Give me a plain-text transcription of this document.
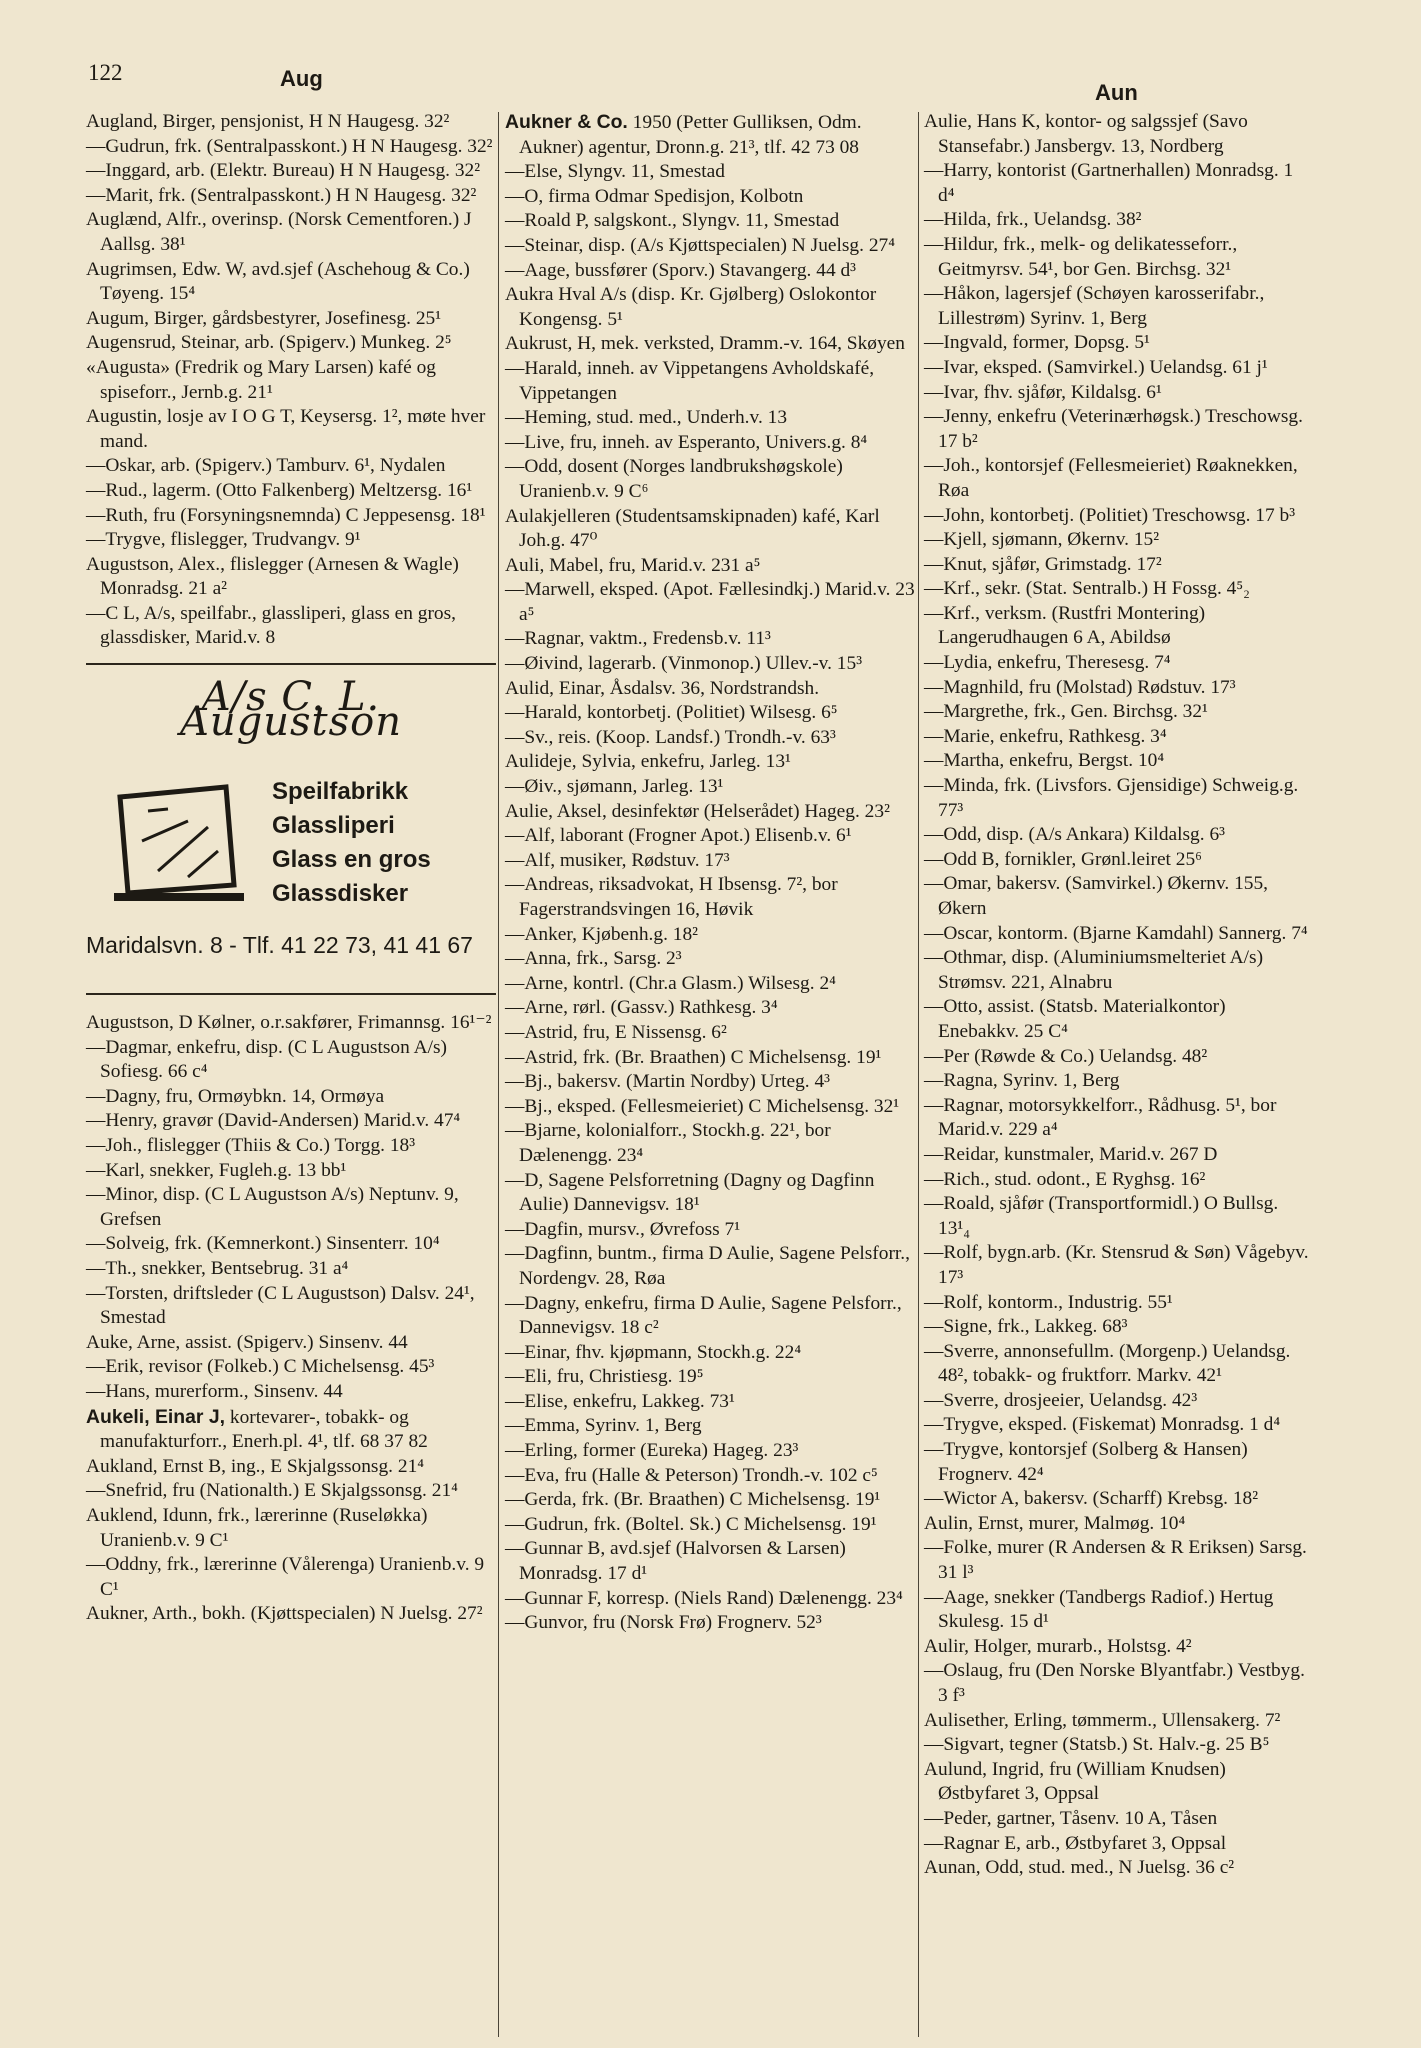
122	Aug
Aun
Augland, Birger, pensjonist, H N Haugesg. 32²
—Gudrun, frk. (Sentralpasskont.) H N Haugesg. 32²
—Inggard, arb. (Elektr. Bureau) H N Haugesg. 32²
—Marit, frk. (Sentralpasskont.) H N Haugesg. 32²
Auglænd, Alfr., overinsp. (Norsk Cementforen.) J Aallsg. 38¹
Augrimsen, Edw. W, avd.sjef (Aschehoug & Co.) Tøyeng. 15⁴
Augum, Birger, gårdsbestyrer, Josefinesg. 25¹
Augensrud, Steinar, arb. (Spigerv.) Munkeg. 2⁵
«Augusta» (Fredrik og Mary Larsen) kafé og spiseforr., Jernb.g. 21¹
Augustin, losje av I O G T, Keysersg. 1², møte hver mand.
—Oskar, arb. (Spigerv.) Tamburv. 6¹, Nydalen
—Rud., lagerm. (Otto Falkenberg) Meltzersg. 16¹
—Ruth, fru (Forsyningsnemnda) C Jeppesensg. 18¹
—Trygve, flislegger, Trudvangv. 9¹
Augustson, Alex., flislegger (Arnesen & Wagle) Monradsg. 21 a²
—C L, A/s, speilfabr., glassliperi, glass en gros, glassdisker, Marid.v. 8
A/s C. L. Augustson
Speilfabrikk
Glassliperi
Glass en gros
Glassdisker
Maridalsvn. 8 - Tlf. 41 22 73, 41 41 67
Augustson, D Kølner, o.r.sakfører, Frimannsg. 16¹⁻²
—Dagmar, enkefru, disp. (C L Augustson A/s) Sofiesg. 66 c⁴
—Dagny, fru, Ormøybkn. 14, Ormøya
—Henry, gravør (David-Andersen) Marid.v. 47⁴
—Joh., flislegger (Thiis & Co.) Torgg. 18³
—Karl, snekker, Fugleh.g. 13 bb¹
—Minor, disp. (C L Augustson A/s) Neptunv. 9, Grefsen
—Solveig, frk. (Kemnerkont.) Sinsenterr. 10⁴
—Th., snekker, Bentsebrug. 31 a⁴
—Torsten, driftsleder (C L Augustson) Dalsv. 24¹, Smestad
Auke, Arne, assist. (Spigerv.) Sinsenv. 44
—Erik, revisor (Folkeb.) C Michelsensg. 45³
—Hans, murerform., Sinsenv. 44
Aukeli, Einar J, kortevarer-, tobakk- og manufakturforr., Enerh.pl. 4¹, tlf. 68 37 82
Aukland, Ernst B, ing., E Skjalgssonsg. 21⁴
—Snefrid, fru (Nationalth.) E Skjalgssonsg. 21⁴
Auklend, Idunn, frk., lærerinne (Ruseløkka) Uranienb.v. 9 C¹
—Oddny, frk., lærerinne (Vålerenga) Uranienb.v. 9 C¹
Aukner, Arth., bokh. (Kjøttspecialen) N Juelsg. 27²
Aukner & Co. 1950 (Petter Gulliksen, Odm. Aukner) agentur, Dronn.g. 21³, tlf. 42 73 08
—Else, Slyngv. 11, Smestad
—O, firma Odmar Spedisjon, Kolbotn
—Roald P, salgskont., Slyngv. 11, Smestad
—Steinar, disp. (A/s Kjøttspecialen) N Juelsg. 27⁴
—Aage, bussfører (Sporv.) Stavangerg. 44 d³
Aukra Hval A/s (disp. Kr. Gjølberg) Oslokontor Kongensg. 5¹
Aukrust, H, mek. verksted, Dramm.-v. 164, Skøyen
—Harald, inneh. av Vippetangens Avholdskafé, Vippetangen
—Heming, stud. med., Underh.v. 13
—Live, fru, inneh. av Esperanto, Univers.g. 8⁴
—Odd, dosent (Norges landbrukshøgskole) Uranienb.v. 9 C⁶
Aulakjelleren (Studentsamskipnaden) kafé, Karl Joh.g. 47⁰
Auli, Mabel, fru, Marid.v. 231 a⁵
—Marwell, eksped. (Apot. Fællesindkj.) Marid.v. 23 a⁵
—Ragnar, vaktm., Fredensb.v. 11³
—Øivind, lagerarb. (Vinmonop.) Ullev.-v. 15³
Aulid, Einar, Åsdalsv. 36, Nordstrandsh.
—Harald, kontorbetj. (Politiet) Wilsesg. 6⁵
—Sv., reis. (Koop. Landsf.) Trondh.-v. 63³
Aulideje, Sylvia, enkefru, Jarleg. 13¹
—Øiv., sjømann, Jarleg. 13¹
Aulie, Aksel, desinfektør (Helserådet) Hageg. 23²
—Alf, laborant (Frogner Apot.) Elisenb.v. 6¹
—Alf, musiker, Rødstuv. 17³
—Andreas, riksadvokat, H Ibsensg. 7², bor Fagerstrandsvingen 16, Høvik
—Anker, Kjøbenh.g. 18²
—Anna, frk., Sarsg. 2³
—Arne, kontrl. (Chr.a Glasm.) Wilsesg. 2⁴
—Arne, rørl. (Gassv.) Rathkesg. 3⁴
—Astrid, fru, E Nissensg. 6²
—Astrid, frk. (Br. Braathen) C Michelsensg. 19¹
—Bj., bakersv. (Martin Nordby) Urteg. 4³
—Bj., eksped. (Fellesmeieriet) C Michelsensg. 32¹
—Bjarne, kolonialforr., Stockh.g. 22¹, bor Dælenengg. 23⁴
—D, Sagene Pelsforretning (Dagny og Dagfinn Aulie) Dannevigsv. 18¹
—Dagfin, mursv., Øvrefoss 7¹
—Dagfinn, buntm., firma D Aulie, Sagene Pelsforr., Nordengv. 28, Røa
—Dagny, enkefru, firma D Aulie, Sagene Pelsforr., Dannevigsv. 18 c²
—Einar, fhv. kjøpmann, Stockh.g. 22⁴
—Eli, fru, Christiesg. 19⁵
—Elise, enkefru, Lakkeg. 73¹
—Emma, Syrinv. 1, Berg
—Erling, former (Eureka) Hageg. 23³
—Eva, fru (Halle & Peterson) Trondh.-v. 102 c⁵
—Gerda, frk. (Br. Braathen) C Michelsensg. 19¹
—Gudrun, frk. (Boltel. Sk.) C Michelsensg. 19¹
—Gunnar B, avd.sjef (Halvorsen & Larsen) Monradsg. 17 d¹
—Gunnar F, korresp. (Niels Rand) Dælenengg. 23⁴
—Gunvor, fru (Norsk Frø) Frognerv. 52³
Aulie, Hans K, kontor- og salgssjef (Savo Stansefabr.) Jansbergv. 13, Nordberg
—Harry, kontorist (Gartnerhallen) Monradsg. 1 d⁴
—Hilda, frk., Uelandsg. 38²
—Hildur, frk., melk- og delikatesseforr., Geitmyrsv. 54¹, bor Gen. Birchsg. 32¹
—Håkon, lagersjef (Schøyen karosserifabr., Lillestrøm) Syrinv. 1, Berg
—Ingvald, former, Dopsg. 5¹
—Ivar, eksped. (Samvirkel.) Uelandsg. 61 j¹
—Ivar, fhv. sjåfør, Kildalsg. 6¹
—Jenny, enkefru (Veterinærhøgsk.) Treschowsg. 17 b²
—Joh., kontorsjef (Fellesmeieriet) Røaknekken, Røa
—John, kontorbetj. (Politiet) Treschowsg. 17 b³
—Kjell, sjømann, Økernv. 15²
—Knut, sjåfør, Grimstadg. 17²
—Krf., sekr. (Stat. Sentralb.) H Fossg. 4⁵₂
—Krf., verksm. (Rustfri Montering) Langerudhaugen 6 A, Abildsø
—Lydia, enkefru, Theresesg. 7⁴
—Magnhild, fru (Molstad) Rødstuv. 17³
—Margrethe, frk., Gen. Birchsg. 32¹
—Marie, enkefru, Rathkesg. 3⁴
—Martha, enkefru, Bergst. 10⁴
—Minda, frk. (Livsfors. Gjensidige) Schweig.g. 77³
—Odd, disp. (A/s Ankara) Kildalsg. 6³
—Odd B, fornikler, Grønl.leiret 25⁶
—Omar, bakersv. (Samvirkel.) Økernv. 155, Økern
—Oscar, kontorm. (Bjarne Kamdahl) Sannerg. 7⁴
—Othmar, disp. (Aluminiumsmelteriet A/s) Strømsv. 221, Alnabru
—Otto, assist. (Statsb. Materialkontor) Enebakkv. 25 C⁴
—Per (Røwde & Co.) Uelandsg. 48²
—Ragna, Syrinv. 1, Berg
—Ragnar, motorsykkelforr., Rådhusg. 5¹, bor Marid.v. 229 a⁴
—Reidar, kunstmaler, Marid.v. 267 D
—Rich., stud. odont., E Ryghsg. 16²
—Roald, sjåfør (Transportformidl.) O Bullsg. 13¹₄
—Rolf, bygn.arb. (Kr. Stensrud & Søn) Vågebyv. 17³
—Rolf, kontorm., Industrig. 55¹
—Signe, frk., Lakkeg. 68³
—Sverre, annonsefullm. (Morgenp.) Uelandsg. 48², tobakk- og fruktforr. Markv. 42¹
—Sverre, drosjeeier, Uelandsg. 42³
—Trygve, eksped. (Fiskemat) Monradsg. 1 d⁴
—Trygve, kontorsjef (Solberg & Hansen) Frognerv. 42⁴
—Wictor A, bakersv. (Scharff) Krebsg. 18²
Aulin, Ernst, murer, Malmøg. 10⁴
—Folke, murer (R Andersen & R Eriksen) Sarsg. 31 l³
—Aage, snekker (Tandbergs Radiof.) Hertug Skulesg. 15 d¹
Aulir, Holger, murarb., Holstsg. 4²
—Oslaug, fru (Den Norske Blyantfabr.) Vestbyg. 3 f³
Aulisether, Erling, tømmerm., Ullensakerg. 7²
—Sigvart, tegner (Statsb.) St. Halv.-g. 25 B⁵
Aulund, Ingrid, fru (William Knudsen) Østbyfaret 3, Oppsal
—Peder, gartner, Tåsenv. 10 A, Tåsen
—Ragnar E, arb., Østbyfaret 3, Oppsal
Aunan, Odd, stud. med., N Juelsg. 36 c²
